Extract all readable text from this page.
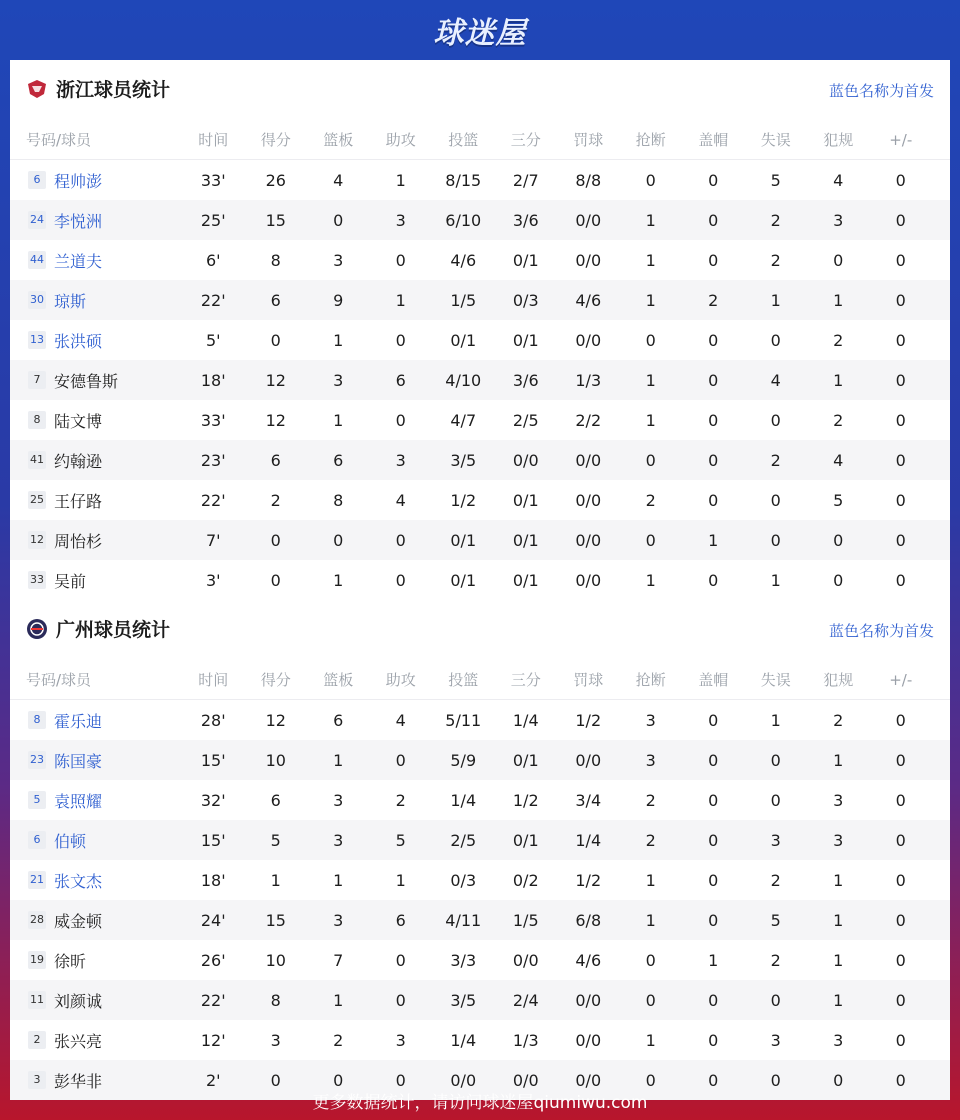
球迷屋
浙江球员统计	蓝色名称为首发
号码/球员	时间	得分	篮板	助攻	投篮	三分	罚球	抢断	盖帽	失误	犯规	+/-
6 程帅澎	33'	26	4	1	8/15	2/7	8/8	0	0	5	4	0
24 李悦洲	25'	15	0	3	6/10	3/6	0/0	1	0	2	3	0
44 兰道夫	6'	8	3	0	4/6	0/1	0/0	1	0	2	0	0
30 琼斯	22'	6	9	1	1/5	0/3	4/6	1	2	1	1	0
13 张洪硕	5'	0	1	0	0/1	0/1	0/0	0	0	0	2	0
7 安德鲁斯	18'	12	3	6	4/10	3/6	1/3	1	0	4	1	0
8 陆文博	33'	12	1	0	4/7	2/5	2/2	1	0	0	2	0
41 约翰逊	23'	6	6	3	3/5	0/0	0/0	0	0	2	4	0
25 王仔路	22'	2	8	4	1/2	0/1	0/0	2	0	0	5	0
12 周怡杉	7'	0	0	0	0/1	0/1	0/0	0	1	0	0	0
33 吴前	3'	0	1	0	0/1	0/1	0/0	1	0	1	0	0
广州球员统计	蓝色名称为首发
号码/球员	时间	得分	篮板	助攻	投篮	三分	罚球	抢断	盖帽	失误	犯规	+/-
8 霍乐迪	28'	12	6	4	5/11	1/4	1/2	3	0	1	2	0
23 陈国豪	15'	10	1	0	5/9	0/1	0/0	3	0	0	1	0
5 袁照耀	32'	6	3	2	1/4	1/2	3/4	2	0	0	3	0
6 伯顿	15'	5	3	5	2/5	0/1	1/4	2	0	3	3	0
21 张文杰	18'	1	1	1	0/3	0/2	1/2	1	0	2	1	0
28 威金顿	24'	15	3	6	4/11	1/5	6/8	1	0	5	1	0
19 徐昕	26'	10	7	0	3/3	0/0	4/6	0	1	2	1	0
11 刘颜诚	22'	8	1	0	3/5	2/4	0/0	0	0	0	1	0
2 张兴亮	12'	3	2	3	1/4	1/3	0/0	1	0	3	3	0
3 彭华非	2'	0	0	0	0/0	0/0	0/0	0	0	0	0	0
更多数据统计，请访问球迷屋qiumiwu.com
